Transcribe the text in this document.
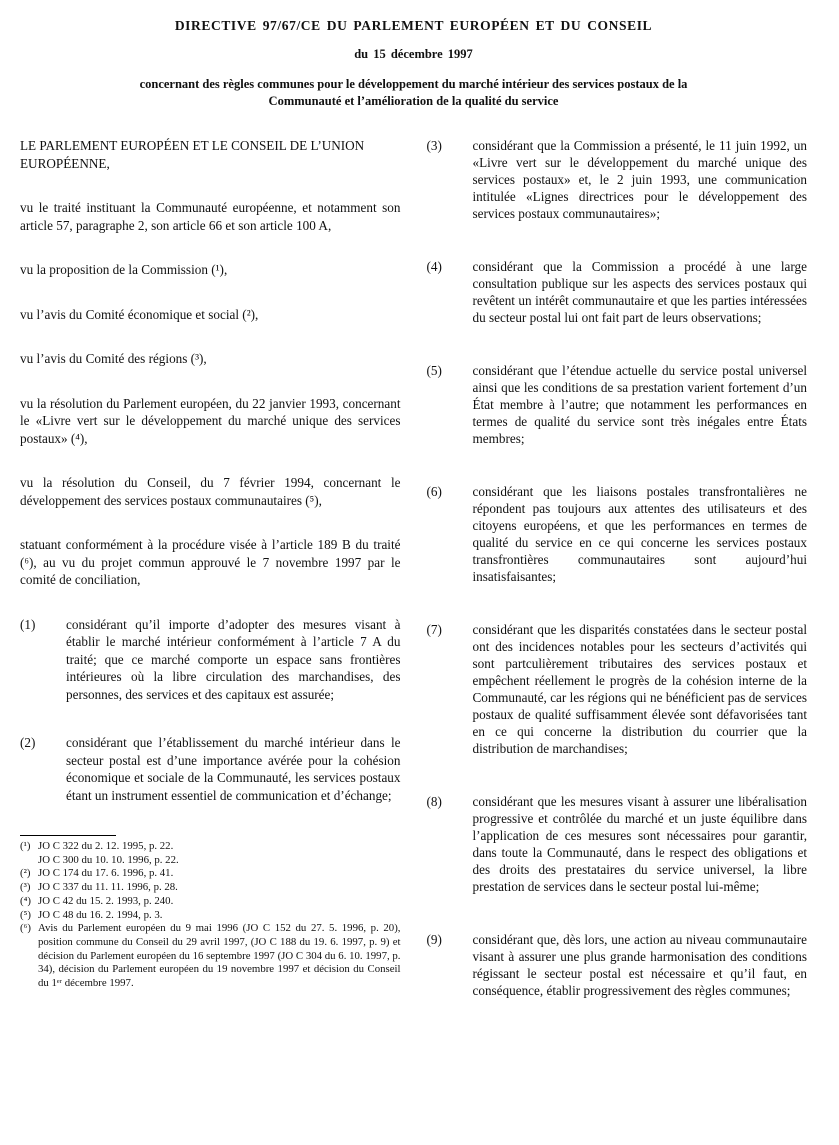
DIRECTIVE 97/67/CE DU PARLEMENT EUROPÉEN ET DU CONSEIL
du 15 décembre 1997
concernant des règles communes pour le développement du marché intérieur des services postaux de la Communauté et l’amélioration de la qualité du service

LE PARLEMENT EUROPÉEN ET LE CONSEIL DE L’UNION EUROPÉENNE,

vu le traité instituant la Communauté européenne, et notamment son article 57, paragraphe 2, son article 66 et son article 100 A,

vu la proposition de la Commission (¹),

vu l’avis du Comité économique et social (²),

vu l’avis du Comité des régions (³),

vu la résolution du Parlement européen, du 22 janvier 1993, concernant le «Livre vert sur le développement du marché unique des services postaux» (⁴),

vu la résolution du Conseil, du 7 février 1994, concernant le développement des services postaux communautaires (⁵),

statuant conformément à la procédure visée à l’article 189 B du traité (⁶), au vu du projet commun approuvé le 7 novembre 1997 par le comité de conciliation,

(1)	considérant qu’il importe d’adopter des mesures visant à établir le marché intérieur conformément à l’article 7 A du traité; que ce marché comporte un espace sans frontières intérieures où la libre circulation des marchandises, des personnes, des services et des capitaux est assurée;
(2)	considérant que l’établissement du marché intérieur dans le secteur postal est d’une importance avérée pour la cohésion économique et sociale de la Communauté, les services postaux étant un instrument essentiel de communication et d’échange;
(¹) JO C 322 du 2. 12. 1995, p. 22.
JO C 300 du 10. 10. 1996, p. 22.
(²) JO C 174 du 17. 6. 1996, p. 41.
(³) JO C 337 du 11. 11. 1996, p. 28.
(⁴) JO C 42 du 15. 2. 1993, p. 240.
(⁵) JO C 48 du 16. 2. 1994, p. 3.
(⁶) Avis du Parlement européen du 9 mai 1996 (JO C 152 du 27. 5. 1996, p. 20), position commune du Conseil du 29 avril 1997, (JO C 188 du 19. 6. 1997, p. 9) et décision du Parlement européen du 16 septembre 1997 (JO C 304 du 6. 10. 1997, p. 34), décision du Parlement européen du 19 novembre 1997 et décision du Conseil du 1ᵉʳ décembre 1997.
(3)	considérant que la Commission a présenté, le 11 juin 1992, un «Livre vert sur le développement du marché unique des services postaux» et, le 2 juin 1993, une communication intitulée «Lignes directrices pour le développement des services postaux communautaires»;
(4)	considérant que la Commission a procédé à une large consultation publique sur les aspects des services postaux qui revêtent un intérêt communautaire et que les parties intéressées du secteur postal lui ont fait part de leurs observations;
(5)	considérant que l’étendue actuelle du service postal universel ainsi que les conditions de sa prestation varient fortement d’un État membre à l’autre; que notamment les performances en termes de qualité du service sont très inégales entre États membres;
(6)	considérant que les liaisons postales transfrontalières ne répondent pas toujours aux attentes des utilisateurs et des citoyens européens, et que les performances en termes de qualité du service en ce qui concerne les services postaux transfrontières communautaires sont aujourd’hui insatisfaisantes;
(7)	considérant que les disparités constatées dans le secteur postal ont des incidences notables pour les secteurs d’activités qui sont partculièrement tributaires des services postaux et empêchent réellement le progrès de la cohésion interne de la Communauté, car les régions qui ne bénéficient pas de services postaux de qualité suffisamment élevée sont défavorisées tant en ce qui concerne la distribution du courrier que la distribution de marchandises;
(8)	considérant que les mesures visant à assurer une libéralisation progressive et contrôlée du marché et un juste équilibre dans l’application de ces mesures sont nécessaires pour garantir, dans toute la Communauté, dans le respect des obligations et des droits des prestataires du service universel, la libre prestation de services dans le secteur postal lui-même;
(9)	considérant que, dès lors, une action au niveau communautaire visant à assurer une plus grande harmonisation des conditions régissant le secteur postal est nécessaire et qu’il faut, en conséquence, établir progressivement des règles communes;
